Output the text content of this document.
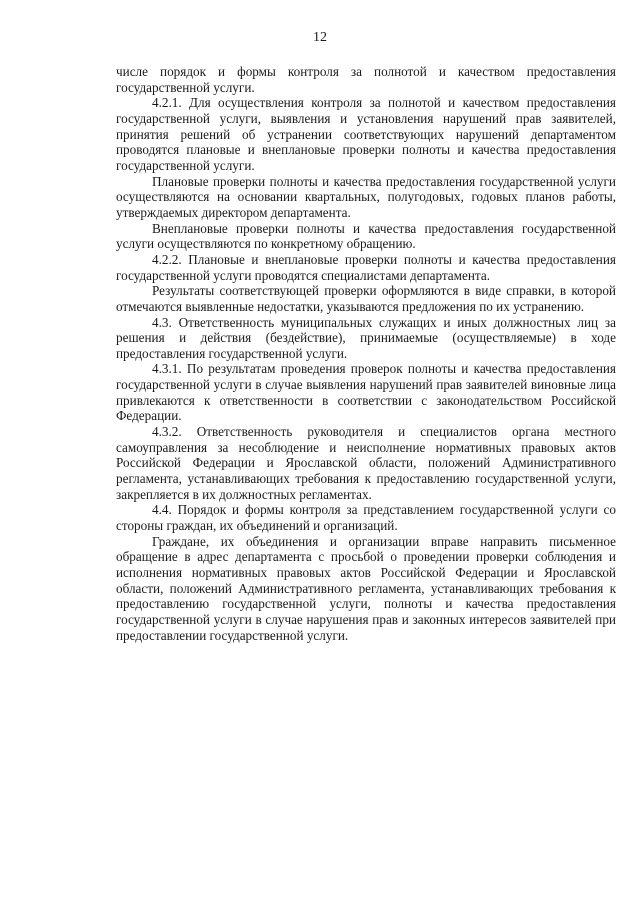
12

числе порядок и формы контроля за полнотой и качеством предоставления государственной услуги.

4.2.1. Для осуществления контроля за полнотой и качеством предоставления государственной услуги, выявления и установления нарушений прав заявителей, принятия решений об устранении соответствующих нарушений департаментом проводятся плановые и внеплановые проверки полноты и качества предоставления государственной услуги.

Плановые проверки полноты и качества предоставления государственной услуги осуществляются на основании квартальных, полугодовых, годовых планов работы, утверждаемых директором департамента.

Внеплановые проверки полноты и качества предоставления государственной услуги осуществляются по конкретному обращению.

4.2.2. Плановые и внеплановые проверки полноты и качества предоставления государственной услуги проводятся специалистами департамента.

Результаты соответствующей проверки оформляются в виде справки, в которой отмечаются выявленные недостатки, указываются предложения по их устранению.

4.3. Ответственность муниципальных служащих и иных должностных лиц за решения и действия (бездействие), принимаемые (осуществляемые) в ходе предоставления государственной услуги.

4.3.1. По результатам проведения проверок полноты и качества предоставления государственной услуги в случае выявления нарушений прав заявителей виновные лица привлекаются к ответственности в соответствии с законодательством Российской Федерации.

4.3.2. Ответственность руководителя и специалистов органа местного самоуправления за несоблюдение и неисполнение нормативных правовых актов Российской Федерации и Ярославской области, положений Административного регламента, устанавливающих требования к предоставлению государственной услуги, закрепляется в их должностных регламентах.

4.4. Порядок и формы контроля за представлением государственной услуги со стороны граждан, их объединений и организаций.

Граждане, их объединения и организации вправе направить письменное обращение в адрес департамента с просьбой о проведении проверки соблюдения и исполнения нормативных правовых актов Российской Федерации и Ярославской области, положений Административного регламента, устанавливающих требования к предоставлению государственной услуги, полноты и качества предоставления государственной услуги в случае нарушения прав и законных интересов заявителей при предоставлении государственной услуги.
